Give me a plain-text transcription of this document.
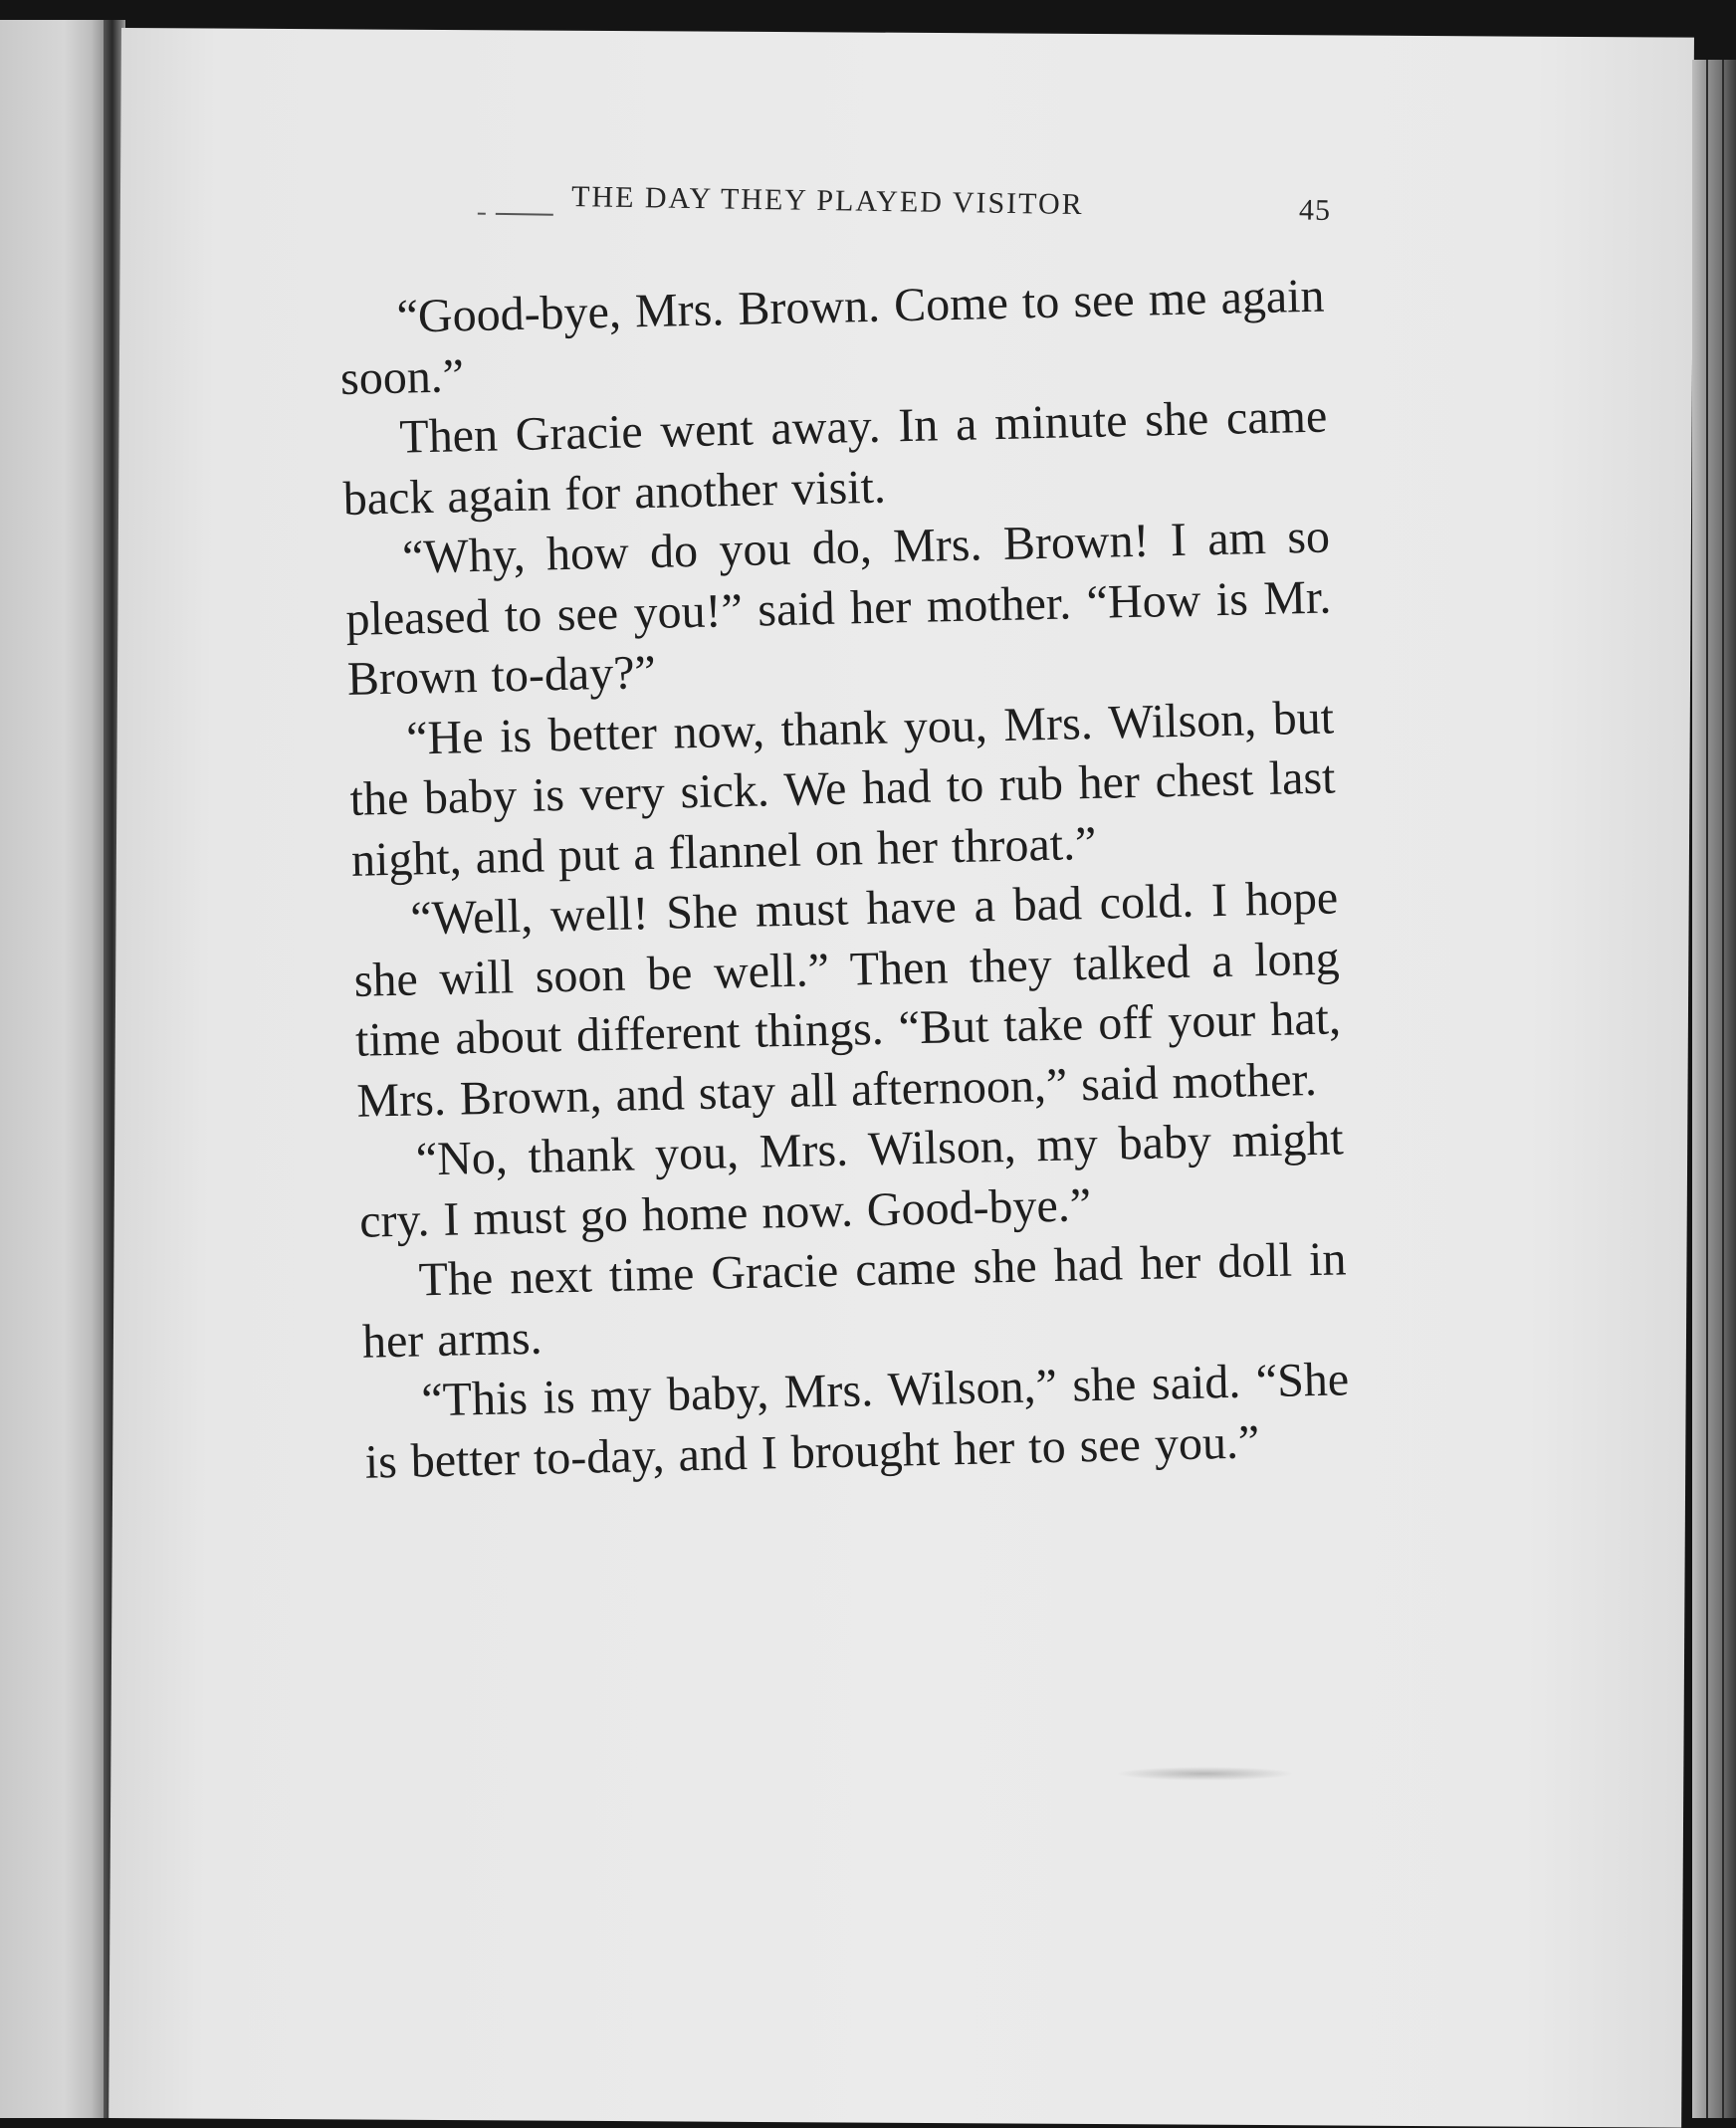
THE DAY THEY PLAYED VISITOR	45

“Good-bye, Mrs. Brown. Come to see me again soon.”

Then Gracie went away. In a minute she came back again for another visit.

“Why, how do you do, Mrs. Brown! I am so pleased to see you!” said her mother. “How is Mr. Brown to-day?”

“He is better now, thank you, Mrs. Wilson, but the baby is very sick. We had to rub her chest last night, and put a flannel on her throat.”

“Well, well! She must have a bad cold. I hope she will soon be well.” Then they talked a long time about different things. “But take off your hat, Mrs. Brown, and stay all afternoon,” said mother.

“No, thank you, Mrs. Wilson, my baby might cry. I must go home now. Good-bye.”

The next time Gracie came she had her doll in her arms.

“This is my baby, Mrs. Wilson,” she said. “She is better to-day, and I brought her to see you.”
